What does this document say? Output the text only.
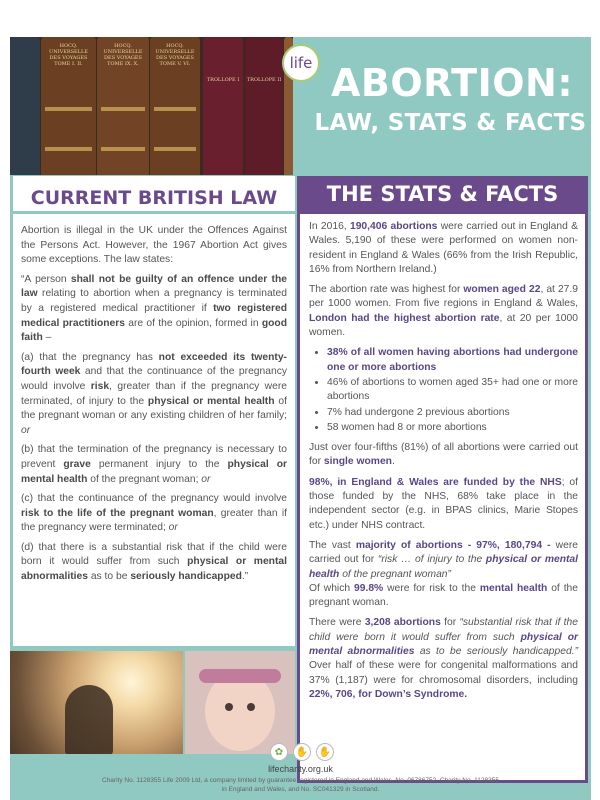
HOCQ. UNIVERSELLE DES VOYAGES
TOME I. II.
HOCQ. UNIVERSELLE DES VOYAGES
TOME IX. X.
HOCQ. UNIVERSELLE DES VOYAGES
TOME V. VI.
TROLLOPE I	TROLLOPE II
life ABORTION:
LAW, STATS & FACTS
CURRENT BRITISH LAW

Abortion is illegal in the UK under the Offences Against the Persons Act. However, the 1967 Abortion Act gives some exceptions. The law states:

“A person shall not be guilty of an offence under the law relating to abortion when a pregnancy is terminated by a registered medical practitioner if two registered medical practitioners are of the opinion, formed in good faith –

(a) that the pregnancy has not exceeded its twenty-fourth week and that the continuance of the pregnancy would involve risk, greater than if the pregnancy were terminated, of injury to the physical or mental health of the pregnant woman or any existing children of her family; or

(b) that the termination of the pregnancy is necessary to prevent grave permanent injury to the physical or mental health of the pregnant woman; or

(c) that the continuance of the pregnancy would involve risk to the life of the pregnant woman, greater than if the pregnancy were terminated; or

(d) that there is a substantial risk that if the child were born it would suffer from such physical or mental abnormalities as to be seriously handicapped.”

THE STATS & FACTS

In 2016, 190,406 abortions were carried out in England & Wales. 5,190 of these were performed on women non-resident in England & Wales (66% from the Irish Republic, 16% from Northern Ireland.)

The abortion rate was highest for women aged 22, at 27.9 per 1000 women. From five regions in England & Wales, London had the highest abortion rate, at 20 per 1000 women.

• 38% of all women having abortions had undergone one or more abortions
• 46% of abortions to women aged 35+ had one or more abortions
• 7% had undergone 2 previous abortions
• 58 women had 8 or more abortions

Just over four-fifths (81%) of all abortions were carried out for single women.

98%, in England & Wales are funded by the NHS; of those funded by the NHS, 68% take place in the independent sector (e.g. in BPAS clinics, Marie Stopes etc.) under NHS contract.

The vast majority of abortions - 97%, 180,794 - were carried out for “risk … of injury to the physical or mental health of the pregnant woman”
Of which 99.8% were for risk to the mental health of the pregnant woman.

There were 3,208 abortions for “substantial risk that if the child were born it would suffer from such physical or mental abnormalities as to be seriously handicapped.” Over half of these were for congenital malformations and 37% (1,187) were for chromosomal disorders, including 22%, 706, for Down’s Syndrome.

✿	✋ ✋
lifecharity.org.uk
Charity No. 1128355 Life 2009 Ltd, a company limited by guarantee registered in England and Wales, No. 06786752. Charity No. 1128355
in England and Wales, and No. SC041329 in Scotland.
